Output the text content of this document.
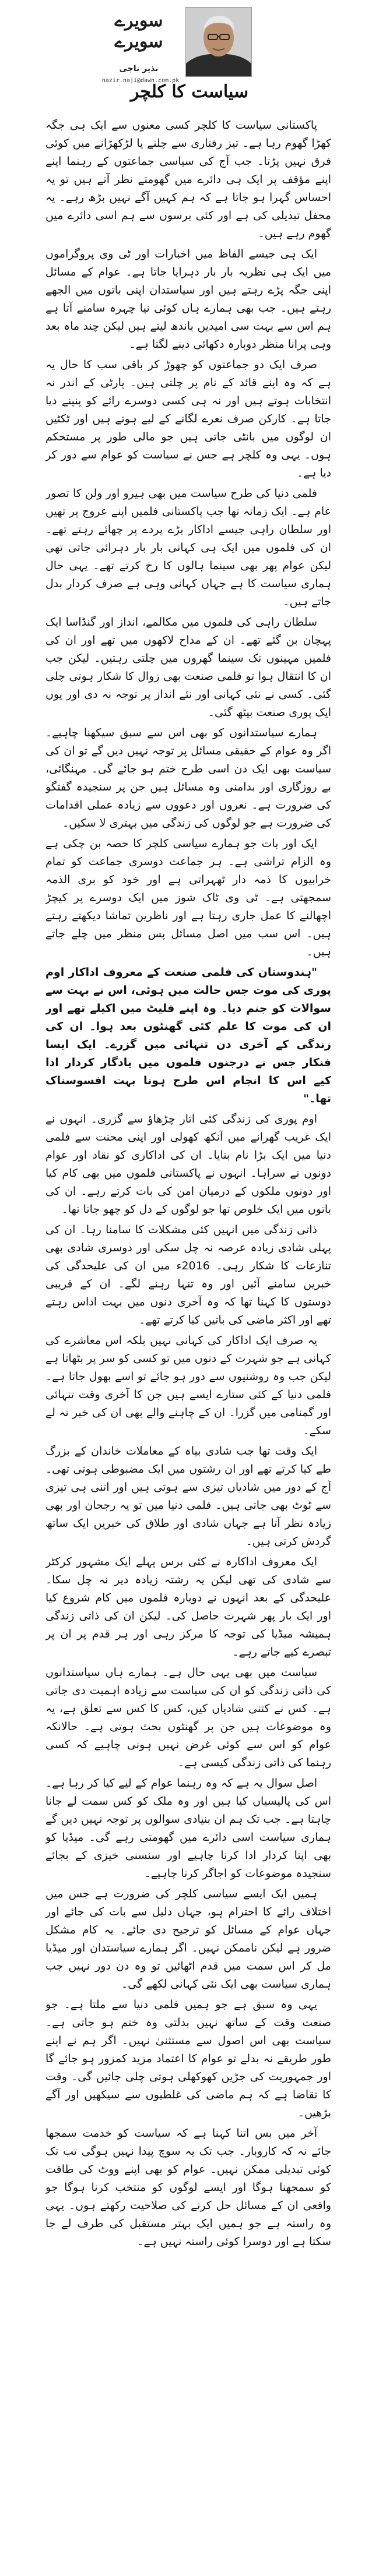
سویرے
سویرے
نذیر ناجی
nazir.naji@dawn.com.pk
سیاست کا کلچر

پاکستانی سیاست کا کلچر کسی معنوں سے ایک ہی جگہ کھڑا گھوم رہا ہے۔ تیز رفتاری سے چلنے یا لڑکھڑانے میں کوئی فرق نہیں پڑتا۔ جب آج کی سیاسی جماعتوں کے رہنما اپنے اپنے مؤقف پر ایک ہی دائرے میں گھومتے نظر آتے ہیں تو یہ احساس گہرا ہو جاتا ہے کہ ہم کہیں آگے نہیں بڑھ رہے۔ یہ محفل تبدیلی کی ہے اور کئی برسوں سے ہم اسی دائرے میں گھوم رہے ہیں۔

ایک ہی جیسے الفاظ میں اخبارات اور ٹی وی پروگراموں میں ایک ہی نظریہ بار بار دہرایا جاتا ہے۔ عوام کے مسائل اپنی جگہ پڑے رہتے ہیں اور سیاستدان اپنی باتوں میں الجھے رہتے ہیں۔ جب بھی ہمارے ہاں کوئی نیا چہرہ سامنے آتا ہے ہم اس سے بہت سی امیدیں باندھ لیتے ہیں لیکن چند ماہ بعد وہی پرانا منظر دوبارہ دکھائی دینے لگتا ہے۔

صرف ایک دو جماعتوں کو چھوڑ کر باقی سب کا حال یہ ہے کہ وہ اپنے قائد کے نام پر چلتی ہیں۔ پارٹی کے اندر نہ انتخابات ہوتے ہیں اور نہ ہی کسی دوسرے رائے کو پنپنے دیا جاتا ہے۔ کارکن صرف نعرے لگانے کے لیے ہوتے ہیں اور ٹکٹیں ان لوگوں میں بانٹی جاتی ہیں جو مالی طور پر مستحکم ہوں۔ یہی وہ کلچر ہے جس نے سیاست کو عوام سے دور کر دیا ہے۔

فلمی دنیا کی طرح سیاست میں بھی ہیرو اور ولن کا تصور عام ہے۔ ایک زمانہ تھا جب پاکستانی فلمیں اپنے عروج پر تھیں اور سلطان راہی جیسے اداکار بڑے پردے پر چھائے رہتے تھے۔ ان کی فلموں میں ایک ہی کہانی بار بار دہرائی جاتی تھی لیکن عوام پھر بھی سینما ہالوں کا رخ کرتے تھے۔ یہی حال ہماری سیاست کا ہے جہاں کہانی وہی ہے صرف کردار بدل جاتے ہیں۔

سلطان راہی کی فلموں میں مکالمے، انداز اور گنڈاسا ایک پہچان بن گئے تھے۔ ان کے مداح لاکھوں میں تھے اور ان کی فلمیں مہینوں تک سینما گھروں میں چلتی رہتیں۔ لیکن جب ان کا انتقال ہوا تو فلمی صنعت بھی زوال کا شکار ہوتی چلی گئی۔ کسی نے نئی کہانی اور نئے انداز پر توجہ نہ دی اور یوں ایک پوری صنعت بیٹھ گئی۔

ہمارے سیاستدانوں کو بھی اس سے سبق سیکھنا چاہیے۔ اگر وہ عوام کے حقیقی مسائل پر توجہ نہیں دیں گے تو ان کی سیاست بھی ایک دن اسی طرح ختم ہو جائے گی۔ مہنگائی، بے روزگاری اور بدامنی وہ مسائل ہیں جن پر سنجیدہ گفتگو کی ضرورت ہے۔ نعروں اور دعووں سے زیادہ عملی اقدامات کی ضرورت ہے جو لوگوں کی زندگی میں بہتری لا سکیں۔

ایک اور بات جو ہمارے سیاسی کلچر کا حصہ بن چکی ہے وہ الزام تراشی ہے۔ ہر جماعت دوسری جماعت کو تمام خرابیوں کا ذمہ دار ٹھہراتی ہے اور خود کو بری الذمہ سمجھتی ہے۔ ٹی وی ٹاک شوز میں ایک دوسرے پر کیچڑ اچھالنے کا عمل جاری رہتا ہے اور ناظرین تماشا دیکھتے رہتے ہیں۔ اس سب میں اصل مسائل پس منظر میں چلے جاتے ہیں۔

"ہندوستان کی فلمی صنعت کے معروف اداکار اوم پوری کی موت جس حالت میں ہوئی، اس نے بہت سے سوالات کو جنم دیا۔ وہ اپنے فلیٹ میں اکیلے تھے اور ان کی موت کا علم کئی گھنٹوں بعد ہوا۔ ان کی زندگی کے آخری دن تنہائی میں گزرے۔ ایک ایسا فنکار جس نے درجنوں فلموں میں یادگار کردار ادا کیے اس کا انجام اس طرح ہونا بہت افسوسناک تھا۔"

اوم پوری کی زندگی کئی اتار چڑھاؤ سے گزری۔ انہوں نے ایک غریب گھرانے میں آنکھ کھولی اور اپنی محنت سے فلمی دنیا میں ایک بڑا نام بنایا۔ ان کی اداکاری کو نقاد اور عوام دونوں نے سراہا۔ انہوں نے پاکستانی فلموں میں بھی کام کیا اور دونوں ملکوں کے درمیان امن کی بات کرتے رہے۔ ان کی باتوں میں ایک خلوص تھا جو لوگوں کے دل کو چھو جاتا تھا۔

ذاتی زندگی میں انہیں کئی مشکلات کا سامنا رہا۔ ان کی پہلی شادی زیادہ عرصہ نہ چل سکی اور دوسری شادی بھی تنازعات کا شکار رہی۔ 2016ء میں ان کی علیحدگی کی خبریں سامنے آئیں اور وہ تنہا رہنے لگے۔ ان کے قریبی دوستوں کا کہنا تھا کہ وہ آخری دنوں میں بہت اداس رہتے تھے اور اکثر ماضی کی باتیں کیا کرتے تھے۔

یہ صرف ایک اداکار کی کہانی نہیں بلکہ اس معاشرے کی کہانی ہے جو شہرت کے دنوں میں تو کسی کو سر پر بٹھاتا ہے لیکن جب وہ روشنیوں سے دور ہو جائے تو اسے بھول جاتا ہے۔ فلمی دنیا کے کئی ستارے ایسے ہیں جن کا آخری وقت تنہائی اور گمنامی میں گزرا۔ ان کے چاہنے والے بھی ان کی خبر نہ لے سکے۔

ایک وقت تھا جب شادی بیاہ کے معاملات خاندان کے بزرگ طے کیا کرتے تھے اور ان رشتوں میں ایک مضبوطی ہوتی تھی۔ آج کے دور میں شادیاں تیزی سے ہوتی ہیں اور اتنی ہی تیزی سے ٹوٹ بھی جاتی ہیں۔ فلمی دنیا میں تو یہ رجحان اور بھی زیادہ نظر آتا ہے جہاں شادی اور طلاق کی خبریں ایک ساتھ گردش کرتی ہیں۔

ایک معروف اداکارہ نے کئی برس پہلے ایک مشہور کرکٹر سے شادی کی تھی لیکن یہ رشتہ زیادہ دیر نہ چل سکا۔ علیحدگی کے بعد انہوں نے دوبارہ فلموں میں کام شروع کیا اور ایک بار پھر شہرت حاصل کی۔ لیکن ان کی ذاتی زندگی ہمیشہ میڈیا کی توجہ کا مرکز رہی اور ہر قدم پر ان پر تبصرے کیے جاتے رہے۔

سیاست میں بھی یہی حال ہے۔ ہمارے ہاں سیاستدانوں کی ذاتی زندگی کو ان کی سیاست سے زیادہ اہمیت دی جاتی ہے۔ کس نے کتنی شادیاں کیں، کس کا کس سے تعلق ہے، یہ وہ موضوعات ہیں جن پر گھنٹوں بحث ہوتی ہے۔ حالانکہ عوام کو اس سے کوئی غرض نہیں ہونی چاہیے کہ کسی رہنما کی ذاتی زندگی کیسی ہے۔

اصل سوال یہ ہے کہ وہ رہنما عوام کے لیے کیا کر رہا ہے۔ اس کی پالیسیاں کیا ہیں اور وہ ملک کو کس سمت لے جانا چاہتا ہے۔ جب تک ہم ان بنیادی سوالوں پر توجہ نہیں دیں گے ہماری سیاست اسی دائرے میں گھومتی رہے گی۔ میڈیا کو بھی اپنا کردار ادا کرنا چاہیے اور سنسنی خیزی کے بجائے سنجیدہ موضوعات کو اجاگر کرنا چاہیے۔

ہمیں ایک ایسے سیاسی کلچر کی ضرورت ہے جس میں اختلاف رائے کا احترام ہو، جہاں دلیل سے بات کی جائے اور جہاں عوام کے مسائل کو ترجیح دی جائے۔ یہ کام مشکل ضرور ہے لیکن ناممکن نہیں۔ اگر ہمارے سیاستدان اور میڈیا مل کر اس سمت میں قدم اٹھائیں تو وہ دن دور نہیں جب ہماری سیاست بھی ایک نئی کہانی لکھے گی۔

یہی وہ سبق ہے جو ہمیں فلمی دنیا سے ملتا ہے۔ جو صنعت وقت کے ساتھ نہیں بدلتی وہ ختم ہو جاتی ہے۔ سیاست بھی اس اصول سے مستثنیٰ نہیں۔ اگر ہم نے اپنے طور طریقے نہ بدلے تو عوام کا اعتماد مزید کمزور ہو جائے گا اور جمہوریت کی جڑیں کھوکھلی ہوتی چلی جائیں گی۔ وقت کا تقاضا ہے کہ ہم ماضی کی غلطیوں سے سیکھیں اور آگے بڑھیں۔

آخر میں بس اتنا کہنا ہے کہ سیاست کو خدمت سمجھا جائے نہ کہ کاروبار۔ جب تک یہ سوچ پیدا نہیں ہوگی تب تک کوئی تبدیلی ممکن نہیں۔ عوام کو بھی اپنے ووٹ کی طاقت کو سمجھنا ہوگا اور ایسے لوگوں کو منتخب کرنا ہوگا جو واقعی ان کے مسائل حل کرنے کی صلاحیت رکھتے ہوں۔ یہی وہ راستہ ہے جو ہمیں ایک بہتر مستقبل کی طرف لے جا سکتا ہے اور دوسرا کوئی راستہ نہیں ہے۔
